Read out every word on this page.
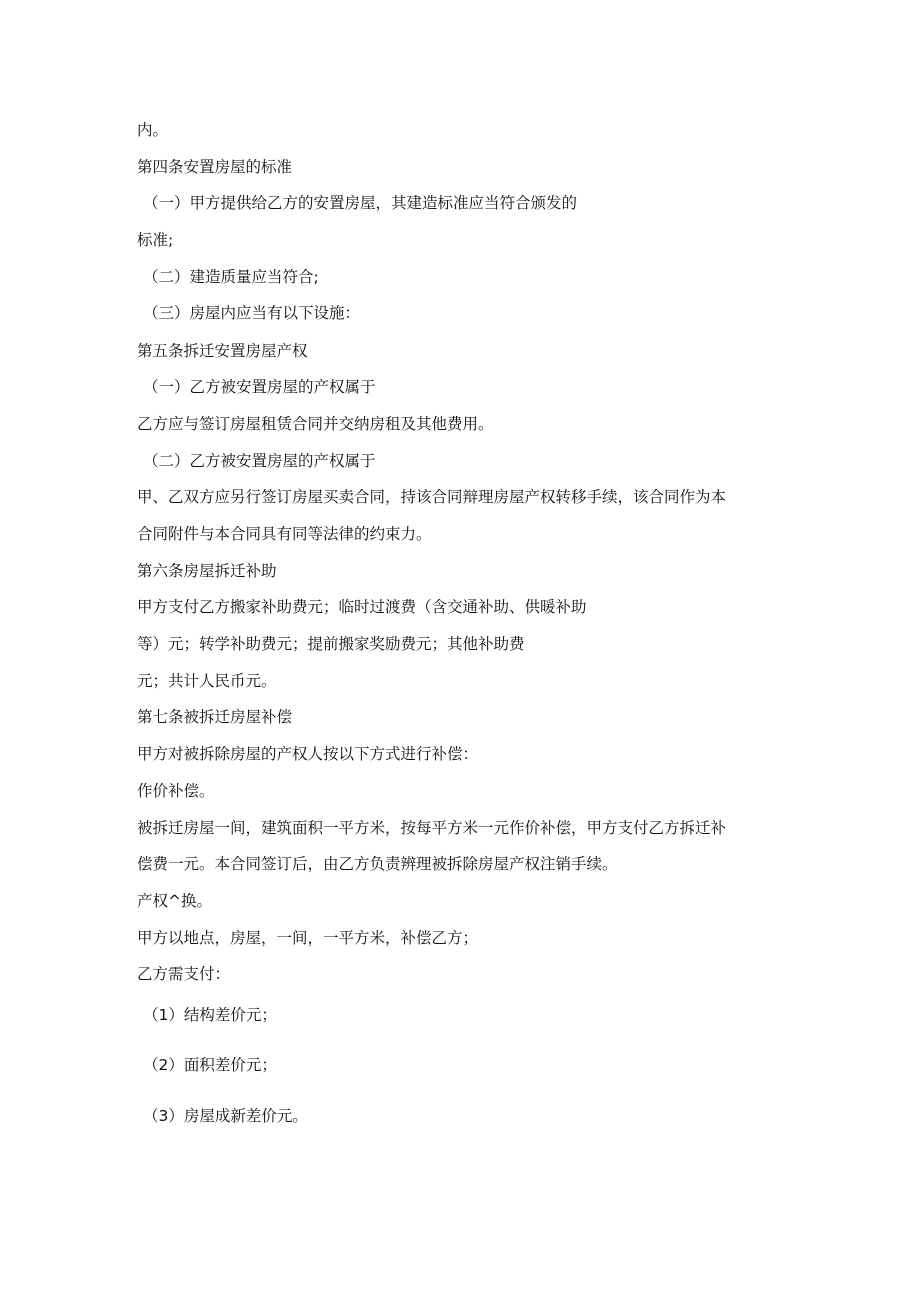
内。
第四条安置房屋的标准
（一）甲方提供给乙方的安置房屋，其建造标准应当符合颁发的
标准;
（二）建造质量应当符合;
（三）房屋内应当有以下设施：
第五条拆迁安置房屋产权
（一）乙方被安置房屋的产权属于
乙方应与签订房屋租赁合同并交纳房租及其他费用。
（二）乙方被安置房屋的产权属于
甲、乙双方应另行签订房屋买卖合同，持该合同辩理房屋产权转移手续，该合同作为本
合同附件与本合同具有同等法律的约束力。
第六条房屋拆迁补助
甲方支付乙方搬家补助费元；临时过渡费（含交通补助、供暖补助
等）元；转学补助费元；提前搬家奖励费元；其他补助费
元；共计人民币元。
第七条被拆迁房屋补偿
甲方对被拆除房屋的产权人按以下方式进行补偿：
作价补偿。
被拆迁房屋一间，建筑面积一平方米，按每平方米一元作价补偿，甲方支付乙方拆迁补
偿费一元。本合同签订后，由乙方负责辨理被拆除房屋产权注销手续。
产权^换。
甲方以地点，房屋，一间，一平方米，补偿乙方；
乙方需支付：
（1）结构差价元；
（2）面积差价元；
（3）房屋成新差价元。
